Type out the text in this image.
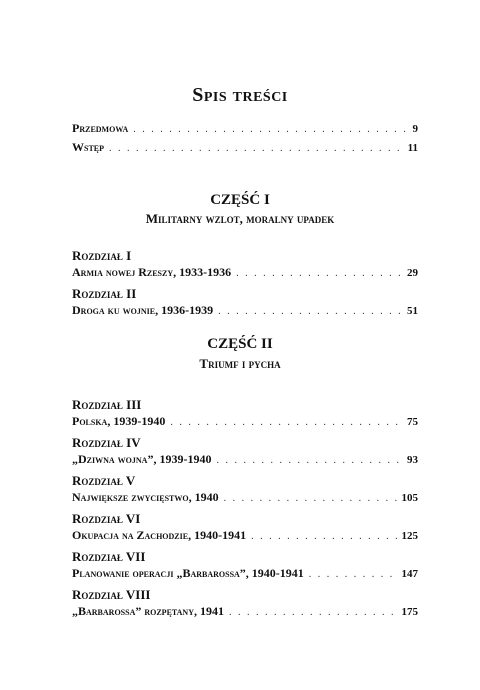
Spis treści
Przedmowa . . .	9
Wstęp . . .	11
CZĘŚĆ I
Militarny wzlot, moralny upadek
Rozdział I
Armia nowej Rzeszy, 1933-1936 . . .	29
Rozdział II
Droga ku wojnie, 1936-1939 . . .	51
CZĘŚĆ II
Triumf i pycha
Rozdział III
Polska, 1939-1940 . . .	75
Rozdział IV
„Dziwna wojna”, 1939-1940 . . .	93
Rozdział V
Największe zwycięstwo, 1940 . . .	105
Rozdział VI
Okupacja na Zachodzie, 1940-1941 . . .	125
Rozdział VII
Planowanie operacji „Barbarossa”, 1940-1941 . . .	147
Rozdział VIII
„Barbarossa” rozpętany, 1941 . . .	175
